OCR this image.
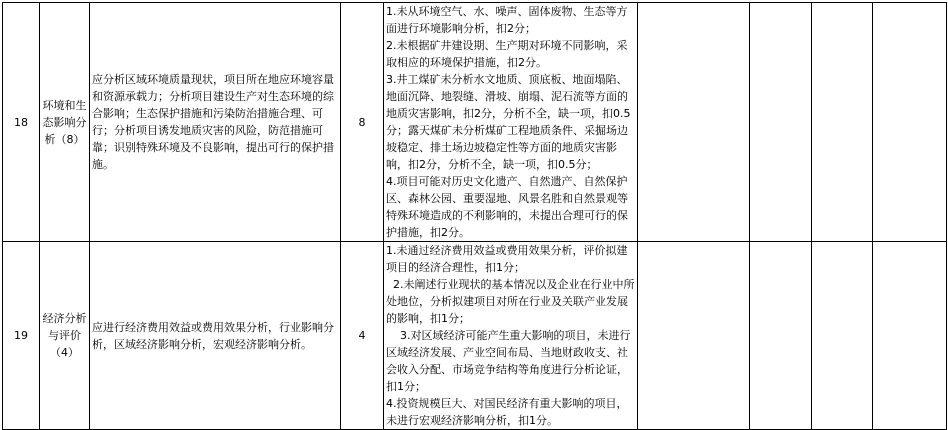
18	环境和生态影响分析（8）	应分析区域环境质量现状，项目所在地应环境容量和资源承载力；分析项目建设生产对生态环境的综合影响；生态保护措施和污染防治措施合理、可行；分析项目诱发地质灾害的风险，防范措施可靠；识别特殊环境及不良影响，提出可行的保护措施。	8	1.未从环境空气、水、噪声、固体废物、生态等方面进行环境影响分析，扣2分；
2.未根据矿井建设期、生产期对环境不同影响，采取相应的环境保护措施，扣2分。
3.井工煤矿未分析水文地质、顶底板、地面塌陷、地面沉降、地裂缝、滑坡、崩塌、泥石流等方面的地质灾害影响，扣2分，分析不全，缺一项，扣0.5分；露天煤矿未分析煤矿工程地质条件、采掘场边坡稳定、排土场边坡稳定性等方面的地质灾害影响，扣2分，分析不全，缺一项，扣0.5分；
4.项目可能对历史文化遗产、自然遗产、自然保护区、森林公园、重要湿地、风景名胜和自然景观等特殊环境造成的不利影响的，未提出合理可行的保护措施，扣2分。				

19	经济分析与评价（4）	应进行经济费用效益或费用效果分析，行业影响分析，区域经济影响分析，宏观经济影响分析。	4	1.未通过经济费用效益或费用效果分析，评价拟建项目的经济合理性，扣1分；
2.未阐述行业现状的基本情况以及企业在行业中所处地位，分析拟建项目对所在行业及关联产业发展的影响，扣1分；
3.对区域经济可能产生重大影响的项目，未进行区域经济发展、产业空间布局、当地财政收支、社会收入分配、市场竞争结构等角度进行分析论证，扣1分；
4.投资规模巨大、对国民经济有重大影响的项目，未进行宏观经济影响分析，扣1分。				
